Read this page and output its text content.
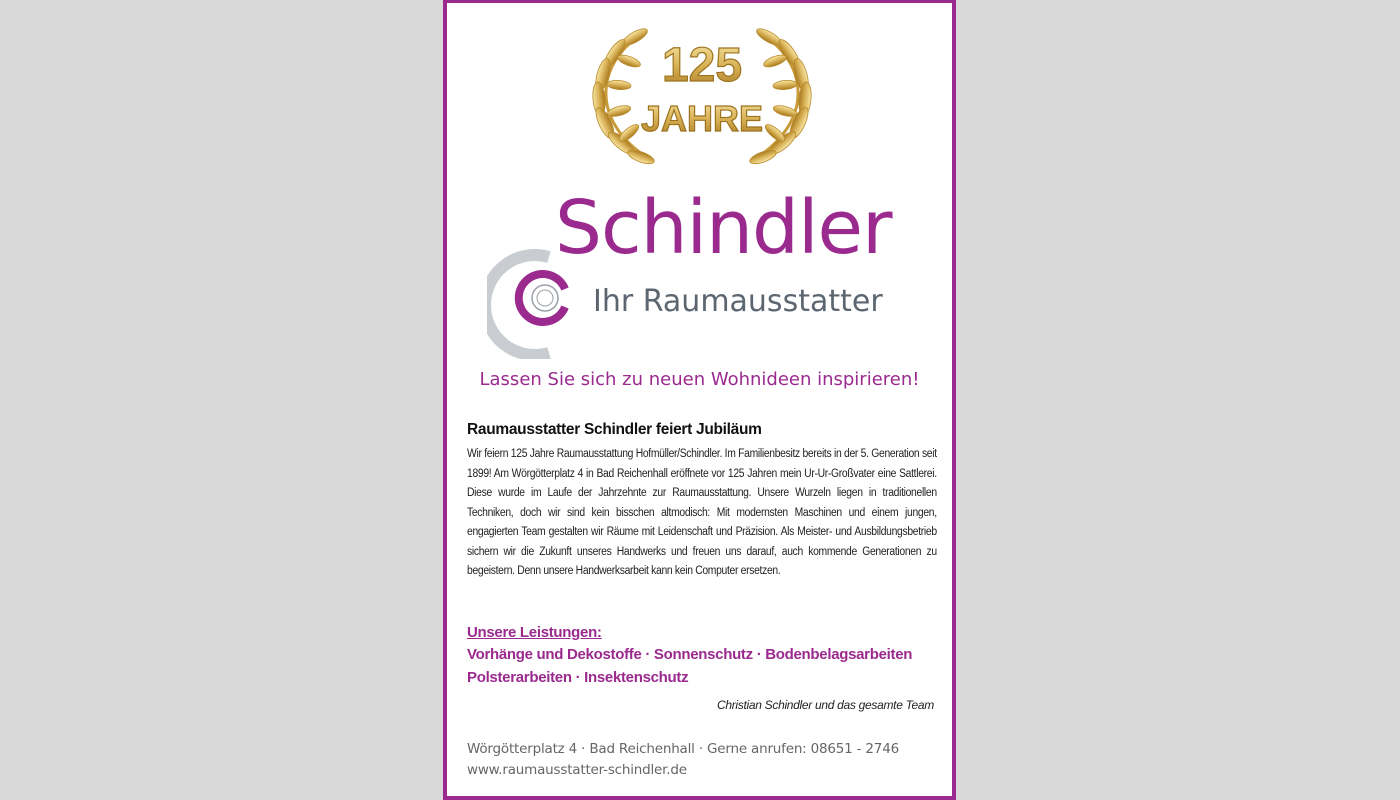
125
JAHRE
Schindler
Ihr Raumausstatter
Lassen Sie sich zu neuen Wohnideen inspirieren!
Raumausstatter Schindler feiert Jubiläum
Wir feiern 125 Jahre Raumausstattung Hofmüller/Schindler. Im Familienbesitz bereits in der 5. Generation seit 1899! Am Wörgötterplatz 4 in Bad Reichenhall eröffnete vor 125 Jahren mein Ur-Ur-Großvater eine Sattlerei. Diese wurde im Laufe der Jahrzehnte zur Raumausstattung. Unsere Wurzeln liegen in traditionellen Techniken, doch wir sind kein bisschen altmodisch: Mit modernsten Maschinen und einem jungen, engagierten Team gestalten wir Räume mit Leidenschaft und Präzision. Als Meister- und Ausbildungsbetrieb sichern wir die Zukunft unseres Handwerks und freuen uns darauf, auch kommende Generationen zu begeistern. Denn unsere Handwerksarbeit kann kein Computer ersetzen.
Unsere Leistungen:
Vorhänge und Dekostoffe · Sonnenschutz · Bodenbelagsarbeiten
Polsterarbeiten · Insektenschutz
Christian Schindler und das gesamte Team
Wörgötterplatz 4 · Bad Reichenhall · Gerne anrufen: 08651 - 2746
www.raumausstatter-schindler.de
